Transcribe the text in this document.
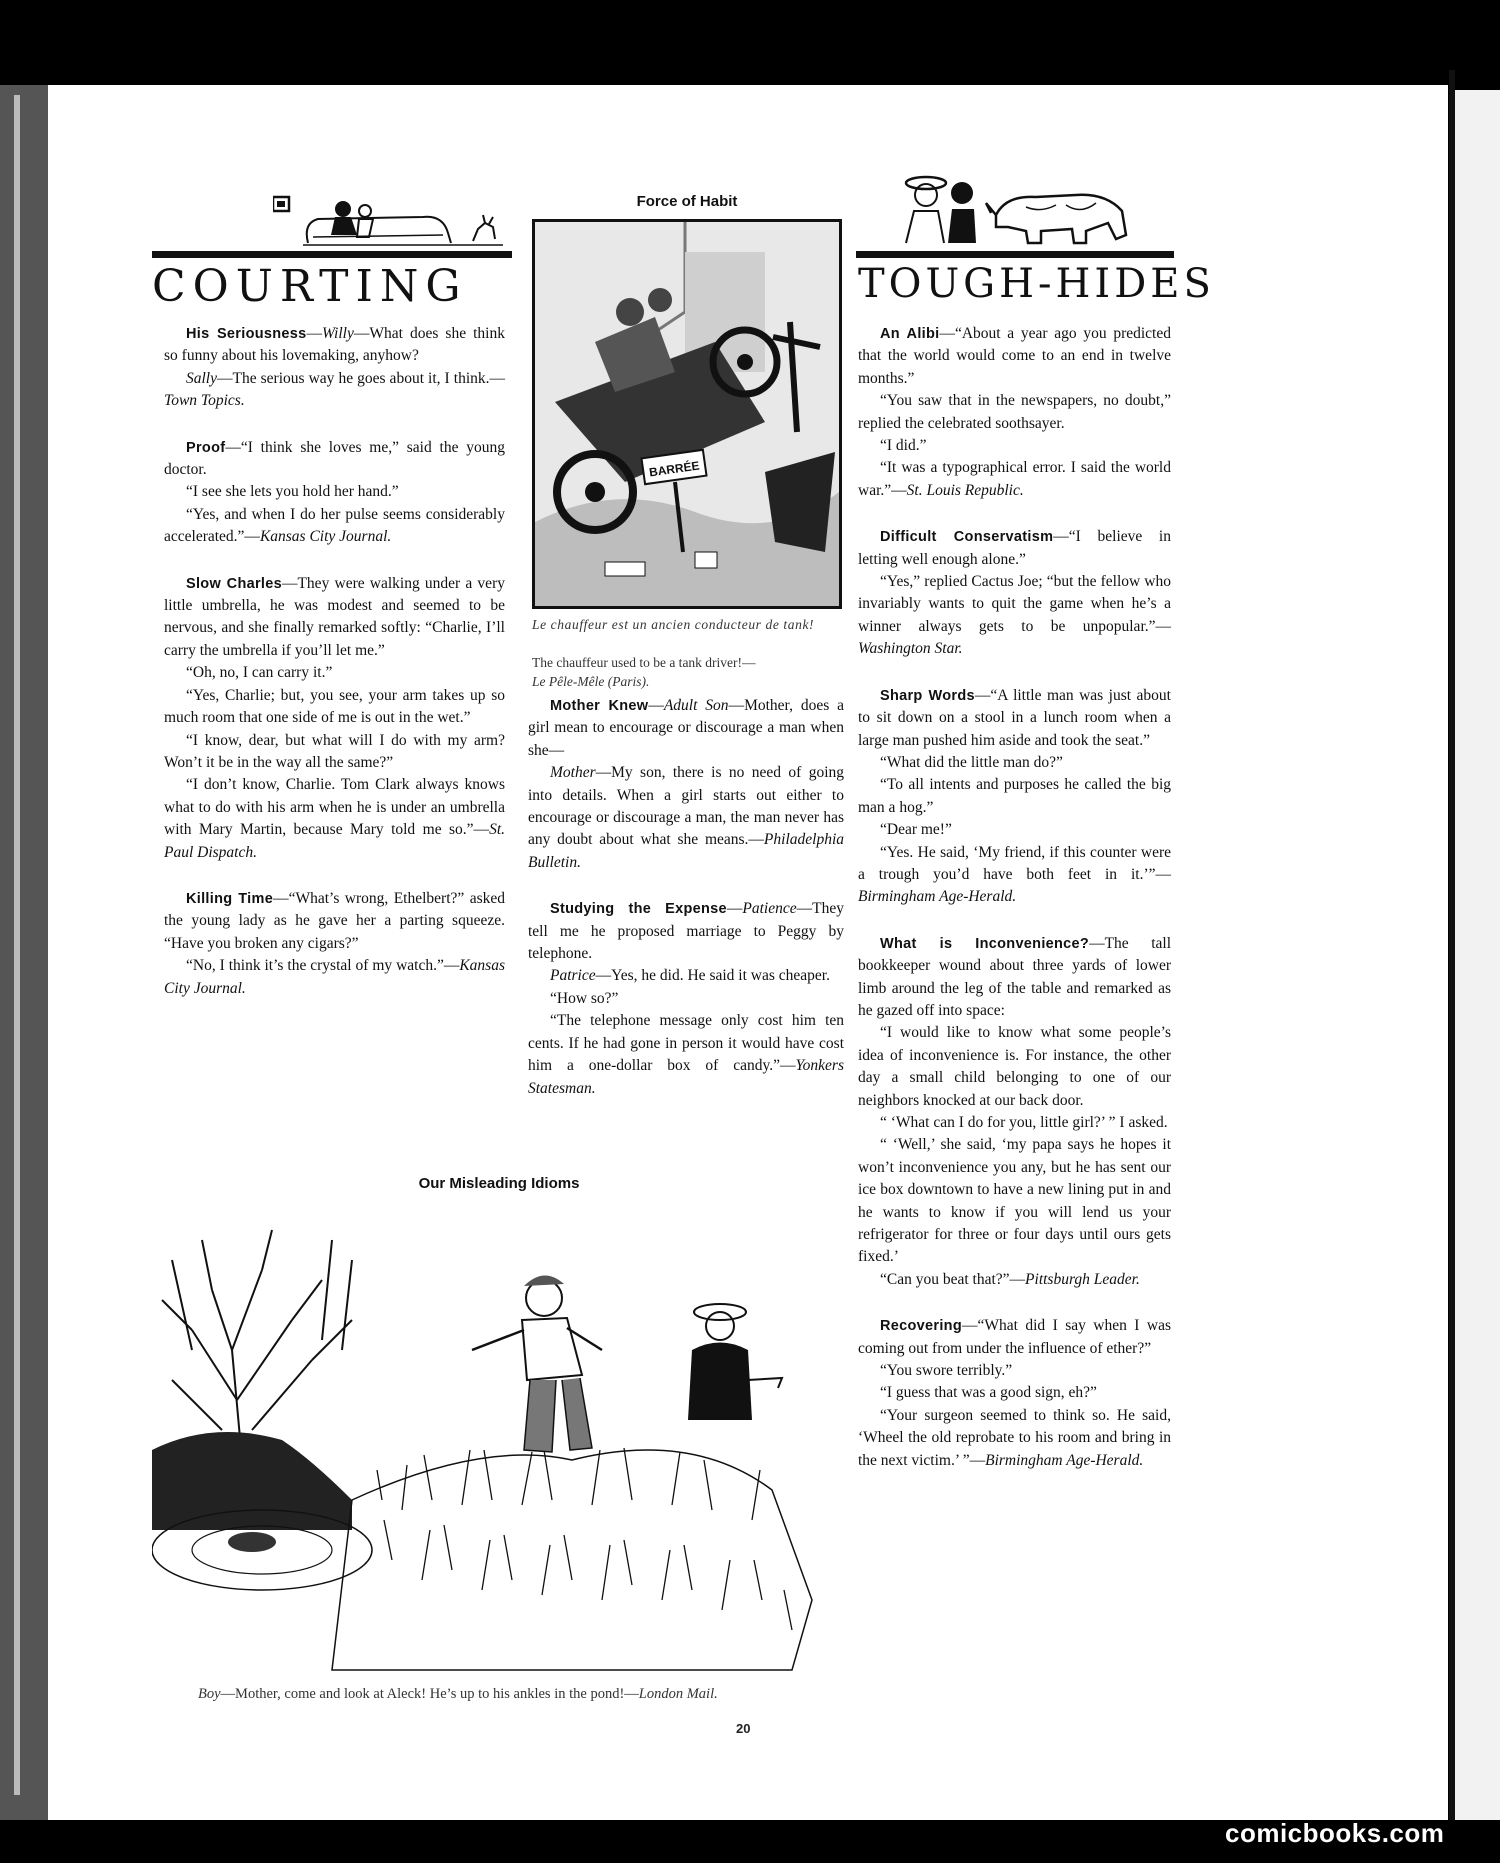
COURTING

His Seriousness—Willy—What does she think so funny about his lovemaking, anyhow?

Sally—The serious way he goes about it, I think.—Town Topics.

Proof—“I think she loves me,” said the young doctor.

“I see she lets you hold her hand.”

“Yes, and when I do her pulse seems considerably accelerated.”—Kansas City Journal.

Slow Charles—They were walking under a very little umbrella, he was modest and seemed to be nervous, and she finally remarked softly: “Charlie, I’ll carry the umbrella if you’ll let me.”

“Oh, no, I can carry it.”

“Yes, Charlie; but, you see, your arm takes up so much room that one side of me is out in the wet.”

“I know, dear, but what will I do with my arm? Won’t it be in the way all the same?”

“I don’t know, Charlie. Tom Clark always knows what to do with his arm when he is under an umbrella with Mary Martin, because Mary told me so.”—St. Paul Dispatch.

Killing Time—“What’s wrong, Ethelbert?” asked the young lady as he gave her a parting squeeze. “Have you broken any cigars?”

“No, I think it’s the crystal of my watch.”—Kansas City Journal.

Force of Habit
BARRÉE
Le chauffeur est un ancien conducteur de tank!
The chauffeur used to be a tank driver!—
Le Pêle-Mêle (Paris).

Mother Knew—Adult Son—Mother, does a girl mean to encourage or discourage a man when she—

Mother—My son, there is no need of going into details. When a girl starts out either to encourage or discourage a man, the man never has any doubt about what she means.—Philadelphia Bulletin.

Studying the Expense—Patience—They tell me he proposed marriage to Peggy by telephone.

Patrice—Yes, he did. He said it was cheaper.

“How so?”

“The telephone message only cost him ten cents. If he had gone in person it would have cost him a one-dollar box of candy.”—Yonkers Statesman.

TOUGH-HIDES

An Alibi—“About a year ago you predicted that the world would come to an end in twelve months.”

“You saw that in the newspapers, no doubt,” replied the celebrated soothsayer.

“I did.”

“It was a typographical error. I said the world war.”—St. Louis Republic.

Difficult Conservatism—“I believe in letting well enough alone.”

“Yes,” replied Cactus Joe; “but the fellow who invariably wants to quit the game when he’s a winner always gets to be unpopular.”—Washington Star.

Sharp Words—“A little man was just about to sit down on a stool in a lunch room when a large man pushed him aside and took the seat.”

“What did the little man do?”

“To all intents and purposes he called the big man a hog.”

“Dear me!”

“Yes. He said, ‘My friend, if this counter were a trough you’d have both feet in it.’”—Birmingham Age-Herald.

What is Inconvenience?—The tall bookkeeper wound about three yards of lower limb around the leg of the table and remarked as he gazed off into space:

“I would like to know what some people’s idea of inconvenience is. For instance, the other day a small child belonging to one of our neighbors knocked at our back door.

“ ‘What can I do for you, little girl?’ ” I asked.

“ ‘Well,’ she said, ‘my papa says he hopes it won’t inconvenience you any, but he has sent our ice box downtown to have a new lining put in and he wants to know if you will lend us your refrigerator for three or four days until ours gets fixed.’

“Can you beat that?”—Pittsburgh Leader.

Recovering—“What did I say when I was coming out from under the influence of ether?”

“You swore terribly.”

“I guess that was a good sign, eh?”

“Your surgeon seemed to think so. He said, ‘Wheel the old reprobate to his room and bring in the next victim.’ ”—Birmingham Age-Herald.

Our Misleading Idioms
Boy—Mother, come and look at Aleck! He’s up to his ankles in the pond!—London Mail.
20
comicbooks.com
